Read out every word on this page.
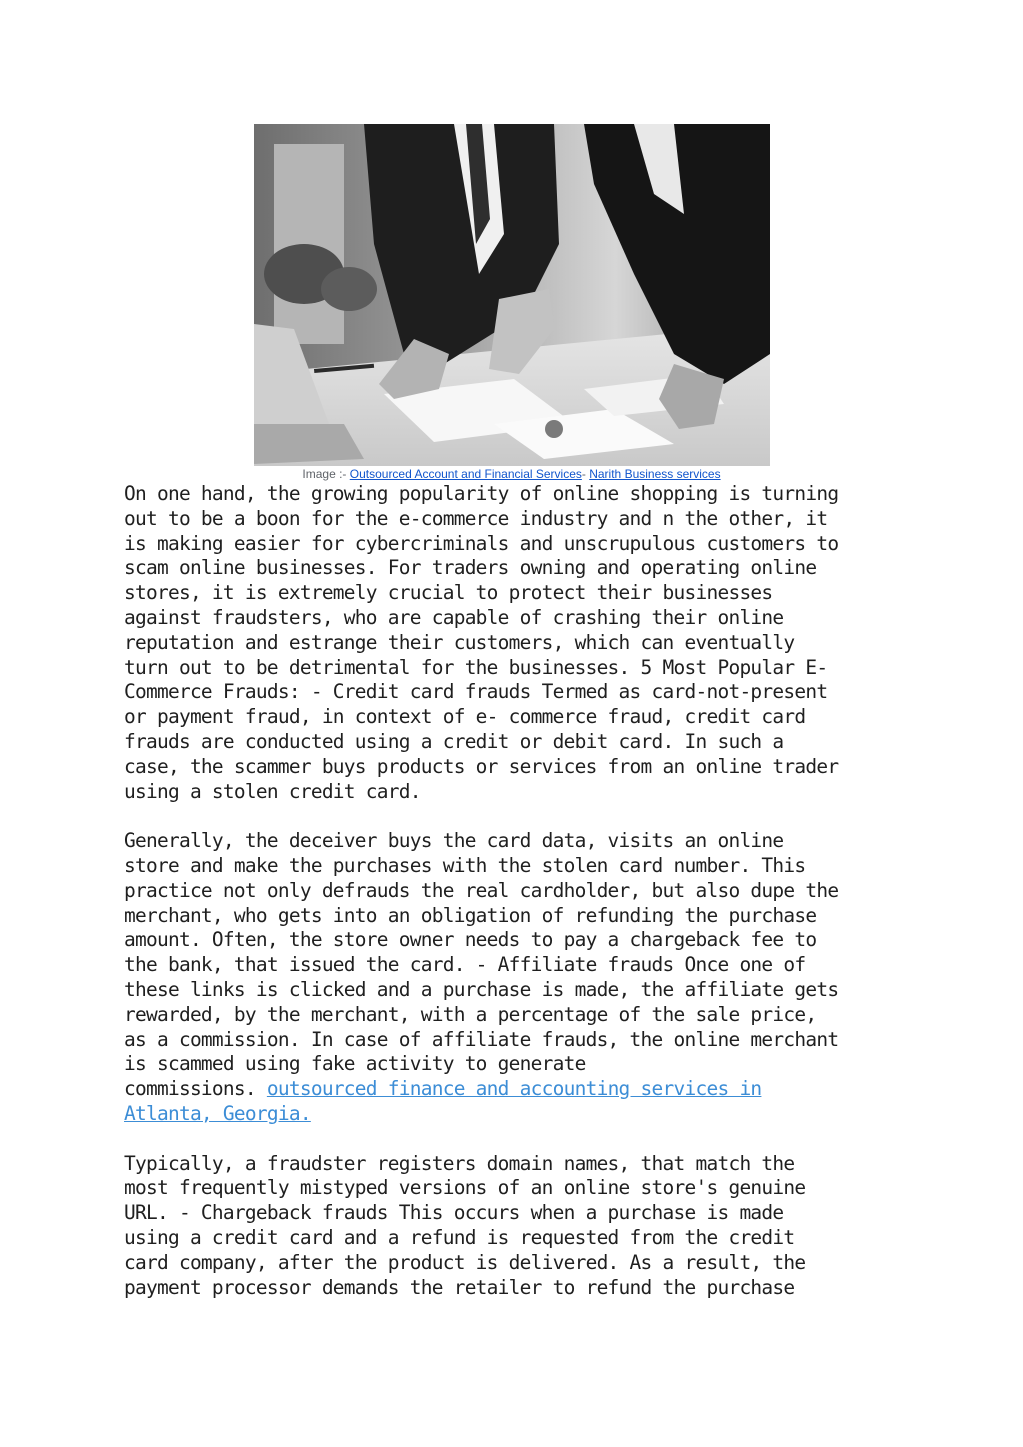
Image :- Outsourced Account and Financial Services- Narith Business services

On one hand, the growing popularity of online shopping is turning
out to be a boon for the e-commerce industry and n the other, it
is making easier for cybercriminals and unscrupulous customers to
scam online businesses. For traders owning and operating online
stores, it is extremely crucial to protect their businesses
against fraudsters, who are capable of crashing their online
reputation and estrange their customers, which can eventually
turn out to be detrimental for the businesses. 5 Most Popular E-
Commerce Frauds: - Credit card frauds Termed as card-not-present
or payment fraud, in context of e- commerce fraud, credit card
frauds are conducted using a credit or debit card. In such a
case, the scammer buys products or services from an online trader
using a stolen credit card.

Generally, the deceiver buys the card data, visits an online
store and make the purchases with the stolen card number. This
practice not only defrauds the real cardholder, but also dupe the
merchant, who gets into an obligation of refunding the purchase
amount. Often, the store owner needs to pay a chargeback fee to
the bank, that issued the card. - Affiliate frauds Once one of
these links is clicked and a purchase is made, the affiliate gets
rewarded, by the merchant, with a percentage of the sale price,
as a commission. In case of affiliate frauds, the online merchant
is scammed using fake activity to generate
commissions. outsourced finance and accounting services in
Atlanta, Georgia.

Typically, a fraudster registers domain names, that match the
most frequently mistyped versions of an online store's genuine
URL. - Chargeback frauds This occurs when a purchase is made
using a credit card and a refund is requested from the credit
card company, after the product is delivered. As a result, the
payment processor demands the retailer to refund the purchase
